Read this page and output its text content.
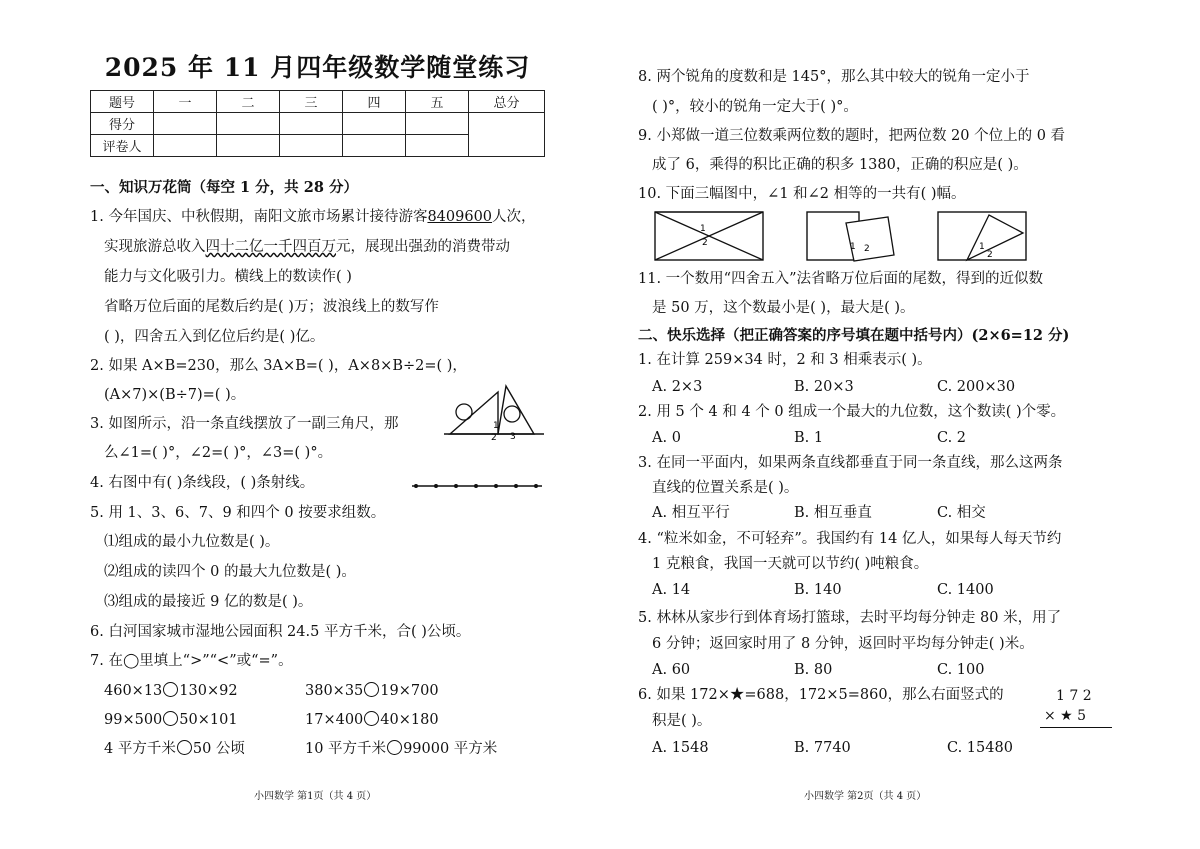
2025 年 11 月四年级数学随堂练习
题号	一	二	三	四	五	总分
得分						
评卷人						
一、知识万花筒（每空 1 分，共 28 分）
1. 今年国庆、中秋假期，南阳文旅市场累计接待游客8409600人次，
实现旅游总收入四十二亿一千四百万元，展现出强劲的消费带动
能力与文化吸引力。横线上的数读作( )
省略万位后面的尾数后约是( )万；波浪线上的数写作
( )，四舍五入到亿位后约是( )亿。
2. 如果 A×B=230，那么 3A×B=( )，A×8×B÷2=( )，
(A×7)×(B÷7)=( )。
3. 如图所示，沿一条直线摆放了一副三角尺，那
么∠1=( )°，∠2=( )°，∠3=( )°。
1
2 3
4. 右图中有( )条线段，( )条射线。
5. 用 1、3、6、7、9 和四个 0 按要求组数。
⑴组成的最小九位数是( )。
⑵组成的读四个 0 的最大九位数是( )。
⑶组成的最接近 9 亿的数是( )。
6. 白河国家城市湿地公园面积 24.5 平方千米，合( )公顷。
7. 在◯里填上“>”“<”或“=”。
460×13 130×92	380×35 19×700
99×500 50×101	17×400 40×180
4 平方千米 50 公顷	10 平方千米 99000 平方米
小四数学 第1页（共 4 页）
8. 两个锐角的度数和是 145°，那么其中较大的锐角一定小于
( )°，较小的锐角一定大于( )°。
9. 小郑做一道三位数乘两位数的题时，把两位数 20 个位上的 0 看
成了 6，乘得的积比正确的积多 1380，正确的积应是( )。
10. 下面三幅图中，∠1 和∠2 相等的一共有( )幅。
1
2	1 2	1
2
11. 一个数用“四舍五入”法省略万位后面的尾数，得到的近似数
是 50 万，这个数最小是( )，最大是( )。
二、快乐选择（把正确答案的序号填在题中括号内）(2×6=12 分)
1. 在计算 259×34 时，2 和 3 相乘表示( )。
A. 2×3	B. 20×3	C. 200×30
2. 用 5 个 4 和 4 个 0 组成一个最大的九位数，这个数读( )个零。
A. 0	B. 1	C. 2
3. 在同一平面内，如果两条直线都垂直于同一条直线，那么这两条
直线的位置关系是( )。
A. 相互平行	B. 相互垂直	C. 相交
4. “粒米如金，不可轻弃”。我国约有 14 亿人，如果每人每天节约
1 克粮食，我国一天就可以节约( )吨粮食。
A. 14	B. 140	C. 1400
5. 林林从家步行到体育场打篮球，去时平均每分钟走 80 米，用了
6 分钟；返回家时用了 8 分钟，返回时平均每分钟走( )米。
A. 60	B. 80	C. 100
6. 如果 172×★=688，172×5=860，那么右面竖式的
积是( )。
A. 1548	B. 7740	C. 15480
1 7 2
× ★ 5
小四数学 第2页（共 4 页）
